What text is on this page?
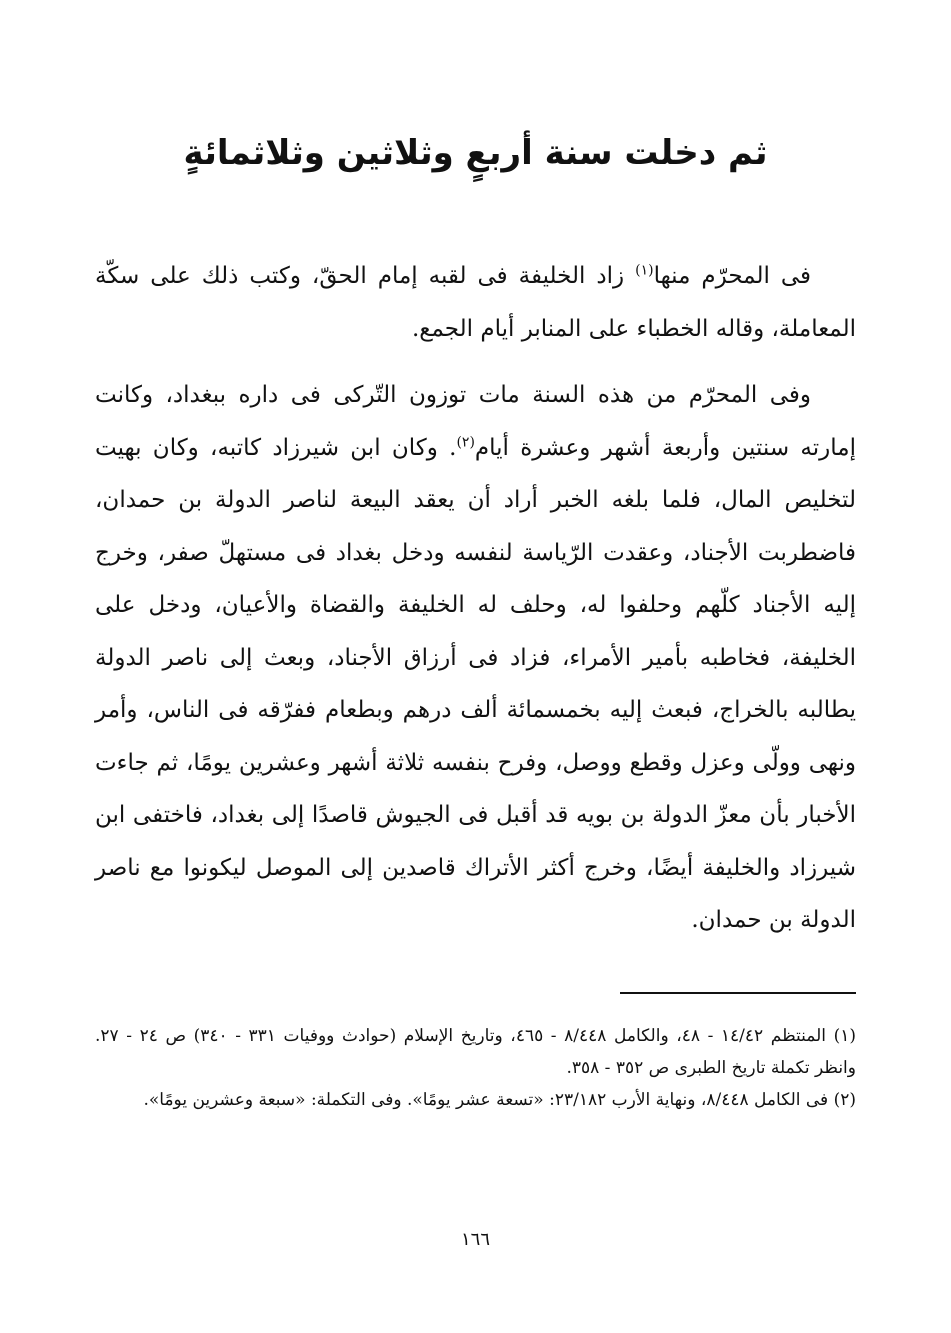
ثم دخلت سنة أربعٍ وثلاثين وثلاثمائةٍ

فى المحرّم منها$^{(١)}$ زاد الخليفة فى لقبه إمام الحقّ، وكتب ذلك على سكّة المعاملة، وقاله الخطباء على المنابر أيام الجمع.

وفى المحرّم من هذه السنة مات توزون التّركى فى داره ببغداد، وكانت إمارته سنتين وأربعة أشهر وعشرة أيام$^{(٢)}$. وكان ابن شيرزاد كاتبه، وكان بهيت لتخليص المال، فلما بلغه الخبر أراد أن يعقد البيعة لناصر الدولة بن حمدان، فاضطربت الأجناد، وعقدت الرّياسة لنفسه ودخل بغداد فى مستهلّ صفر، وخرج إليه الأجناد كلّهم وحلفوا له، وحلف له الخليفة والقضاة والأعيان، ودخل على الخليفة، فخاطبه بأمير الأمراء، فزاد فى أرزاق الأجناد، وبعث إلى ناصر الدولة يطالبه بالخراج، فبعث إليه بخمسمائة ألف درهم وبطعام ففرّقه فى الناس، وأمر ونهى وولّى وعزل وقطع ووصل، وفرح بنفسه ثلاثة أشهر وعشرين يومًا، ثم جاءت الأخبار بأن معزّ الدولة بن بويه قد أقبل فى الجيوش قاصدًا إلى بغداد، فاختفى ابن شيرزاد والخليفة أيضًا، وخرج أكثر الأتراك قاصدين إلى الموصل ليكونوا مع ناصر الدولة بن حمدان.

(١) المنتظم ١٤/٤٢ - ٤٨، والكامل ٨/٤٤٨ - ٤٦٥، وتاريخ الإسلام (حوادث ووفيات ٣٣١ - ٣٤٠) ص ٢٤ - ٢٧. وانظر تكملة تاريخ الطبرى ص ٣٥٢ - ٣٥٨.

(٢) فى الكامل ٨/٤٤٨، ونهاية الأرب ٢٣/١٨٢: «تسعة عشر يومًا». وفى التكملة: «سبعة وعشرين يومًا».

١٦٦
